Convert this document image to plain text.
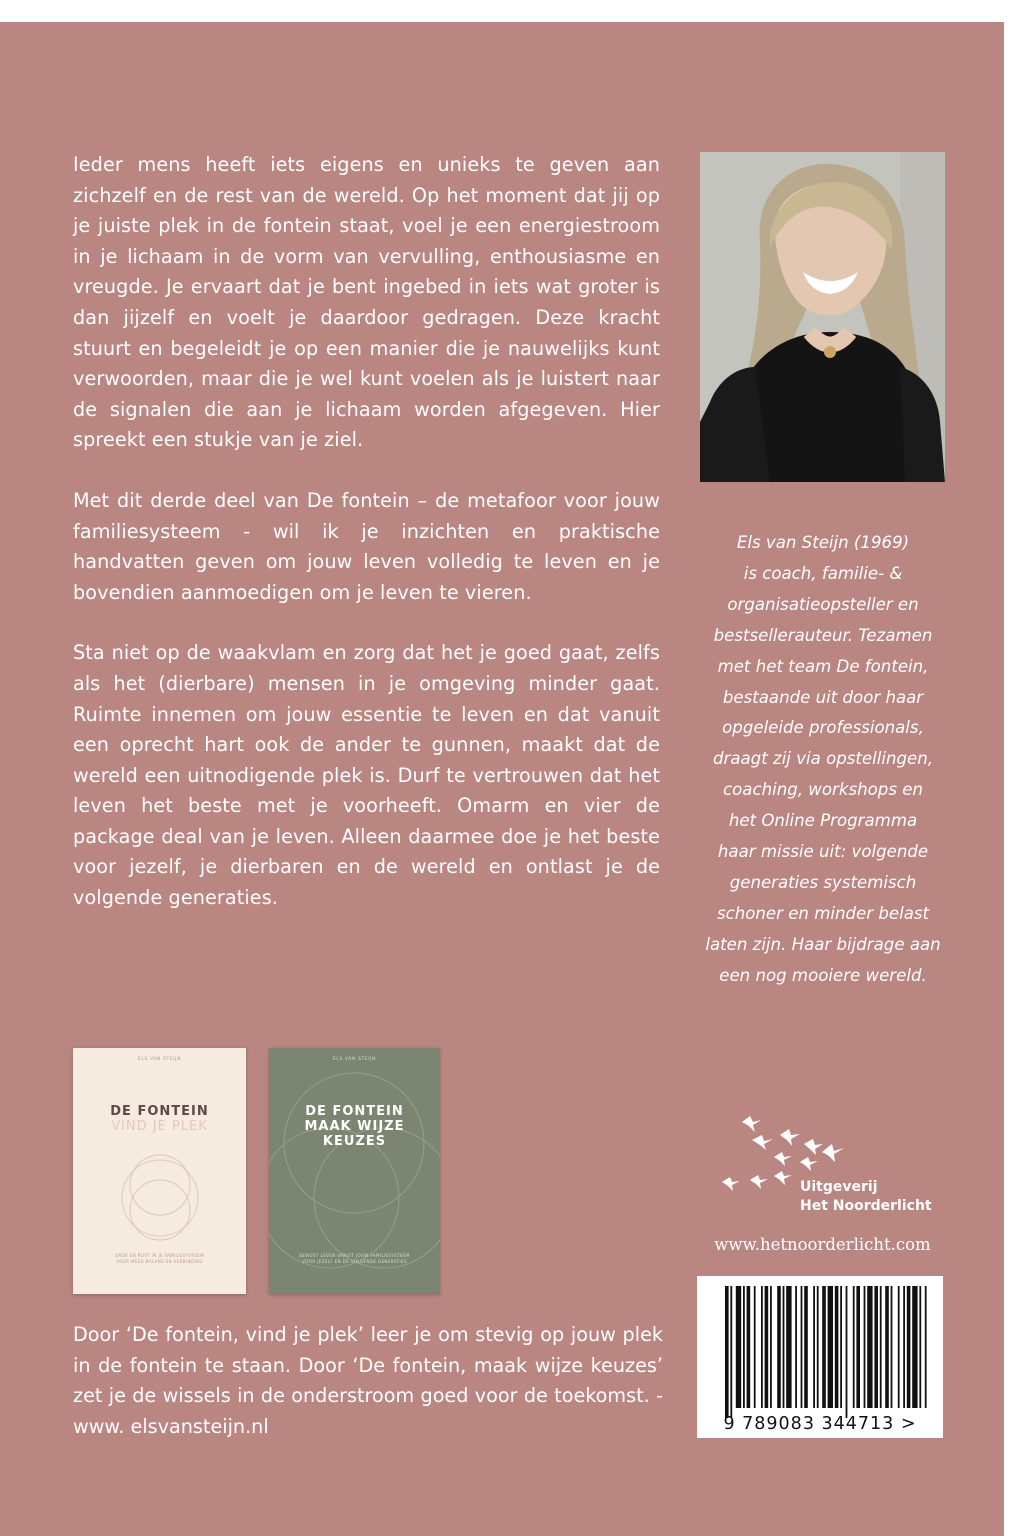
Ieder mens heeft iets eigens en unieks te geven aan zichzelf en de rest van de wereld. Op het moment dat jij op je juiste plek in de fontein staat, voel je een energiestroom in je lichaam in de vorm van vervulling, enthousiasme en vreugde. Je ervaart dat je bent ingebed in iets wat groter is dan jijzelf en voelt je daardoor gedragen. Deze kracht stuurt en begeleidt je op een manier die je nauwelijks kunt verwoorden, maar die je wel kunt voelen als je luistert naar de signalen die aan je lichaam worden afgegeven. Hier spreekt een stukje van je ziel.

Met dit derde deel van De fontein – de metafoor voor jouw familiesysteem - wil ik je inzichten en praktische handvatten geven om jouw leven volledig te leven en je bovendien aanmoedigen om je leven te vieren.

Sta niet op de waakvlam en zorg dat het je goed gaat, zelfs als het (dierbare) mensen in je omgeving minder gaat. Ruimte innemen om jouw essentie te leven en dat vanuit een oprecht hart ook de ander te gunnen, maakt dat de wereld een uitnodigende plek is. Durf te vertrouwen dat het leven het beste met je voorheeft. Omarm en vier de package deal van je leven. Alleen daarmee doe je het beste voor jezelf, je dierbaren en de wereld en ontlast je de volgende generaties.

Els van Steijn (1969)
is coach, familie- &
organisatieopsteller en
bestsellerauteur. Tezamen
met het team De fontein,
bestaande uit door haar
opgeleide professionals,
draagt zij via opstellingen,
coaching, workshops en
het Online Programma
haar missie uit: volgende
generaties systemisch
schoner en minder belast
laten zijn. Haar bijdrage aan
een nog mooiere wereld.
ELS VAN STEIJN
DE FONTEIN
VIND JE PLEK
ORDE EN RUST IN JE FAMILIESYSTEEM
VOOR MEER BALANS EN VERBINDING
ELS VAN STEIJN
DE FONTEIN
MAAK WIJZE
KEUZES
BEWUST LEVEN VANUIT JOUW FAMILIESYSTEEM
VOOR JEZELF EN DE VOLGENDE GENERATIES
Door ‘De fontein, vind je plek’ leer je om stevig op jouw plek in de fontein te staan. Door ‘De fontein, maak wijze keuzes’ zet je de wissels in de onderstroom goed voor de toekomst. - www. elsvansteijn.nl
Uitgeverij
Het Noorderlicht
www.hetnoorderlicht.com
9 789083 344713 >
